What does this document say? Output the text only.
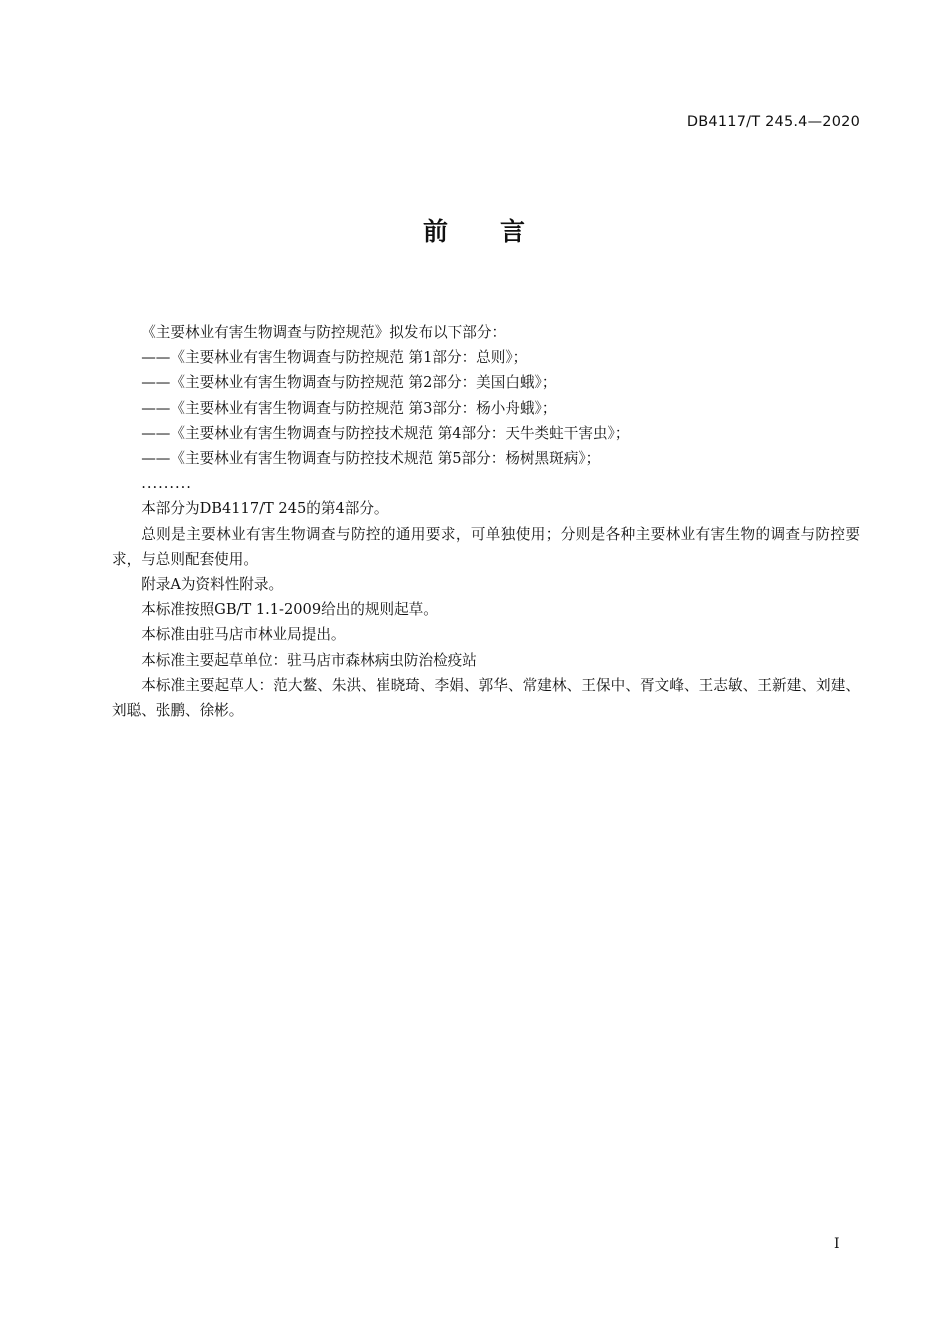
DB4117/T 245.4—2020
前 言

《主要林业有害生物调查与防控规范》拟发布以下部分：

——《主要林业有害生物调查与防控规范 第1部分：总则》；

——《主要林业有害生物调查与防控规范 第2部分：美国白蛾》；

——《主要林业有害生物调查与防控规范 第3部分：杨小舟蛾》；

——《主要林业有害生物调查与防控技术规范 第4部分：天牛类蛀干害虫》；

——《主要林业有害生物调查与防控技术规范 第5部分：杨树黑斑病》；

.........

本部分为DB4117/T 245的第4部分。

总则是主要林业有害生物调查与防控的通用要求，可单独使用；分则是各种主要林业有害生物的调查与防控要求，与总则配套使用。

附录A为资料性附录。

本标准按照GB/T 1.1-2009给出的规则起草。

本标准由驻马店市林业局提出。

本标准主要起草单位：驻马店市森林病虫防治检疫站

本标准主要起草人：范大鳌、朱洪、崔晓琦、李娟、郭华、常建林、王保中、胥文峰、王志敏、王新建、刘建、刘聪、张鹏、徐彬。

I
